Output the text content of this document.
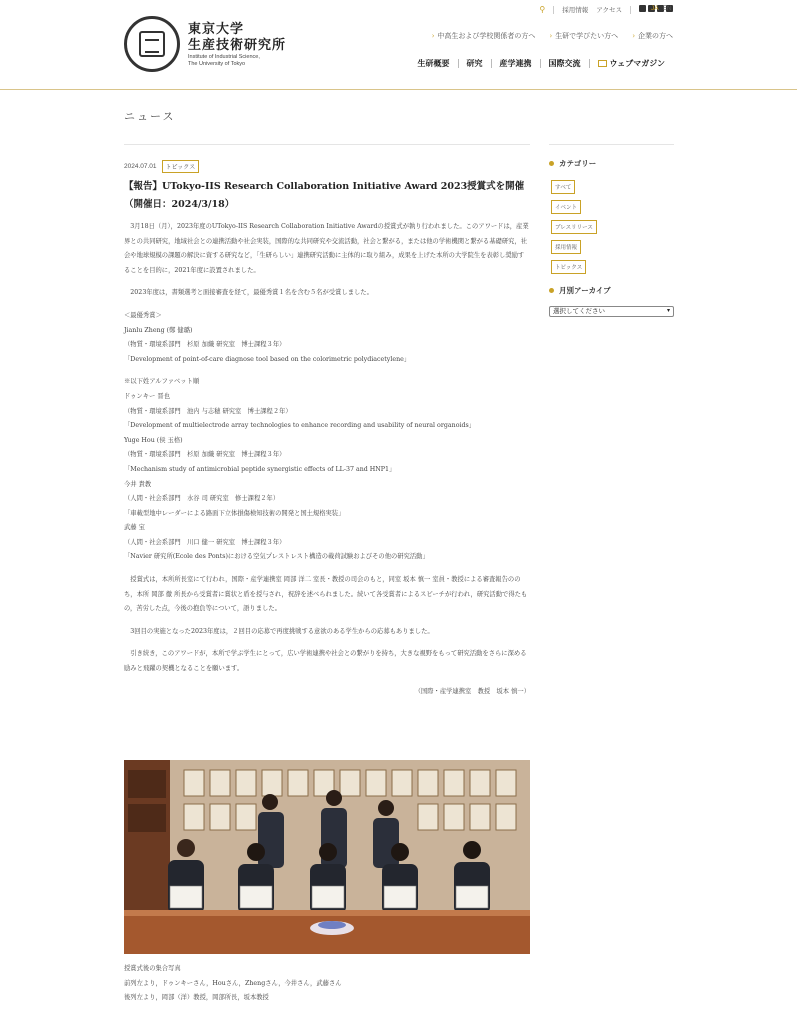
東京大学
生産技術研究所
Institute of Industrial Science,
The University of Tokyo
⚲	採用情報 アクセス	JA EN
› 中高生および学校関係者の方へ › 生研で学びたい方へ › 企業の方へ
生研概要	研究	産学連携	国際交流	ウェブマガジン
ニュース
2024.07.01	トピックス
【報告】UTokyo-IIS Research Collaboration Initiative Award 2023授賞式を開催（開催日：2024/3/18）

　3月18日（月），2023年度のUTokyo-IIS Research Collaboration Initiative Awardの授賞式が執り行われました。このアワードは，産業界との共同研究，地域社会との連携活動や社会実装，国際的な共同研究や交流活動，社会と繋がる，または他の学術機関と繋がる基礎研究，社会や地球規模の課題の解決に資する研究など，「生研らしい」連携研究活動に主体的に取り組み，成果を上げた本所の大学院生を表彰し奨励することを目的に，2021年度に設置されました。

　2023年度は，書類選考と面接審査を経て，最優秀賞１名を含む５名が受賞しました。

＜最優秀賞＞

Jianlu Zheng (鄭 健璐)

（物質・環境系部門　杉原 加織 研究室　博士課程３年）

「Development of point-of-care diagnose tool based on the colorimetric polydiacetylene」

※以下姓アルファベット順

ドゥンキー 晋也

（物質・環境系部門　池内 与志穂 研究室　博士課程２年）

「Development of multielectrode array technologies to enhance recording and usability of neural organoids」

Yuge Hou (侯 玉格)

（物質・環境系部門　杉原 加織 研究室　博士課程３年）

「Mechanism study of antimicrobial peptide synergistic effects of LL-37 and HNP1」

今井 貴教

（人間・社会系部門　水谷 司 研究室　修士課程２年）

「車載型地中レーダーによる路面下立体損傷検知技術の開発と国土規格実装」

武藤 宝

（人間・社会系部門　川口 健一 研究室　博士課程３年）

「Navier 研究所(Ecole des Ponts)における空気プレストレスト構造の載荷試験およびその他の研究活動」

　授賞式は，本所所長室にて行われ，国際・産学連携室 岡部 洋二 室長・教授の司会のもと，同室 坂本 慎一 室員・教授による審査報告ののち，本所 岡部 徹 所長から受賞者に賞状と盾を授与され，祝辞を述べられました。続いて各受賞者によるスピーチが行われ，研究活動で得たもの，苦労した点，今後の抱負等について，語りました。

　3回目の実施となった2023年度は，２回目の応募で再度挑戦する意欲のある学生からの応募もありました。

　引き続き，このアワードが，本所で学ぶ学生にとって，広い学術連携や社会との繋がりを持ち，大きな視野をもって研究活動をさらに深める励みと飛躍の契機となることを願います。

（国際・産学連携室　教授　坂本 慎一）

授賞式後の集合写真

前列左より，ドゥンキーさん，Houさん，Zhengさん，今井さん，武藤さん

後列左より，岡部（洋）教授，岡部所長，坂本教授

カテゴリー
すべて
イベント
プレスリリース
採用情報
トピックス
月別アーカイブ
選択してください	▾
